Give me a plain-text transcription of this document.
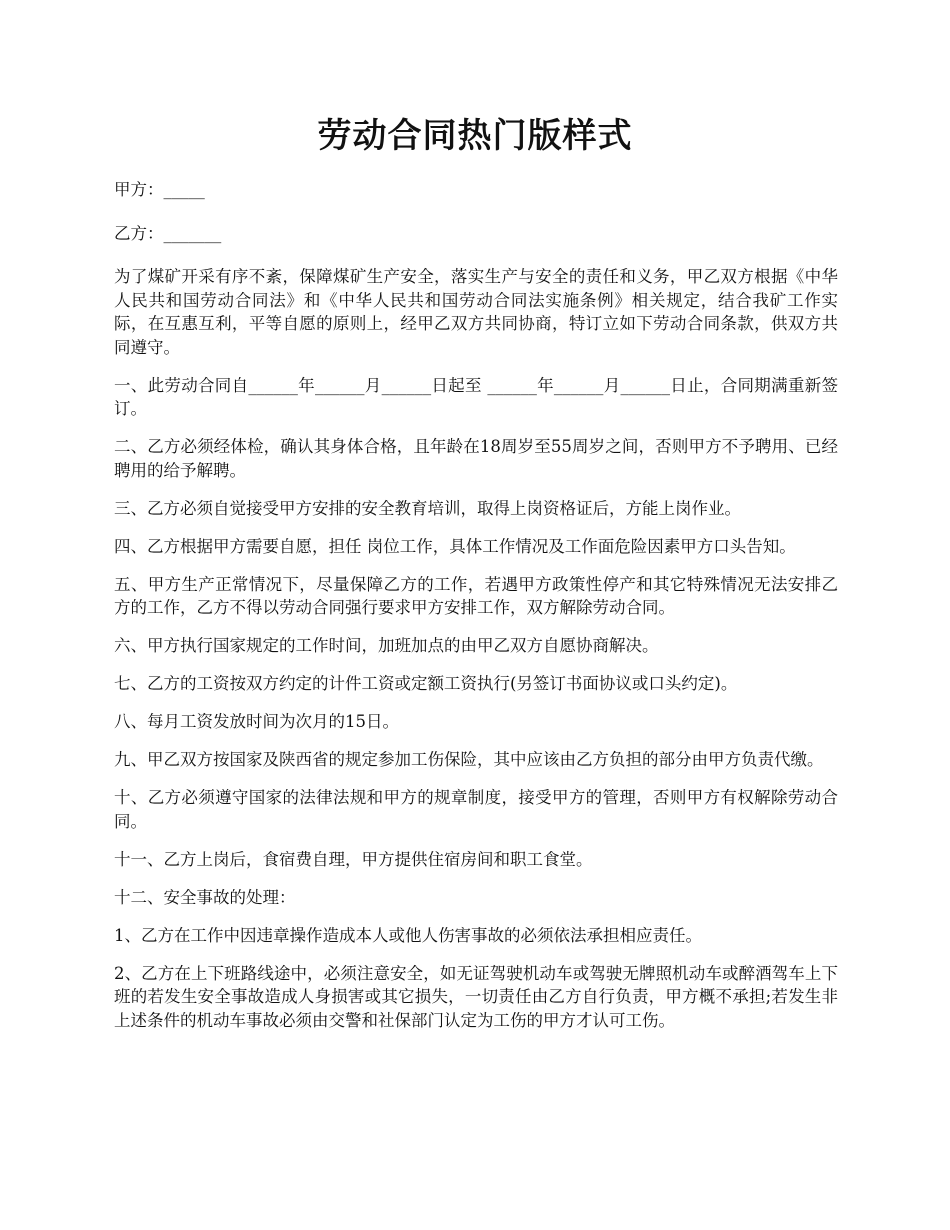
劳动合同热门版样式

甲方：_____

乙方：_______

为了煤矿开采有序不紊，保障煤矿生产安全，落实生产与安全的责任和义务，甲乙双方根据《中华人民共和国劳动合同法》和《中华人民共和国劳动合同法实施条例》相关规定，结合我矿工作实际，在互惠互利，平等自愿的原则上，经甲乙双方共同协商，特订立如下劳动合同条款，供双方共同遵守。

一、此劳动合同自______年______月______日起至 ______年______月______日止，合同期满重新签订。

二、乙方必须经体检，确认其身体合格，且年龄在18周岁至55周岁之间，否则甲方不予聘用、已经聘用的给予解聘。

三、乙方必须自觉接受甲方安排的安全教育培训，取得上岗资格证后，方能上岗作业。

四、乙方根据甲方需要自愿，担任 岗位工作，具体工作情况及工作面危险因素甲方口头告知。

五、甲方生产正常情况下，尽量保障乙方的工作，若遇甲方政策性停产和其它特殊情况无法安排乙方的工作，乙方不得以劳动合同强行要求甲方安排工作，双方解除劳动合同。

六、甲方执行国家规定的工作时间，加班加点的由甲乙双方自愿协商解决。

七、乙方的工资按双方约定的计件工资或定额工资执行(另签订书面协议或口头约定)。

八、每月工资发放时间为次月的15日。

九、甲乙双方按国家及陕西省的规定参加工伤保险，其中应该由乙方负担的部分由甲方负责代缴。

十、乙方必须遵守国家的法律法规和甲方的规章制度，接受甲方的管理，否则甲方有权解除劳动合同。

十一、乙方上岗后，食宿费自理，甲方提供住宿房间和职工食堂。

十二、安全事故的处理：

1、乙方在工作中因违章操作造成本人或他人伤害事故的必须依法承担相应责任。

2、乙方在上下班路线途中，必须注意安全，如无证驾驶机动车或驾驶无牌照机动车或醉酒驾车上下班的若发生安全事故造成人身损害或其它损失，一切责任由乙方自行负责，甲方概不承担;若发生非上述条件的机动车事故必须由交警和社保部门认定为工伤的甲方才认可工伤。
